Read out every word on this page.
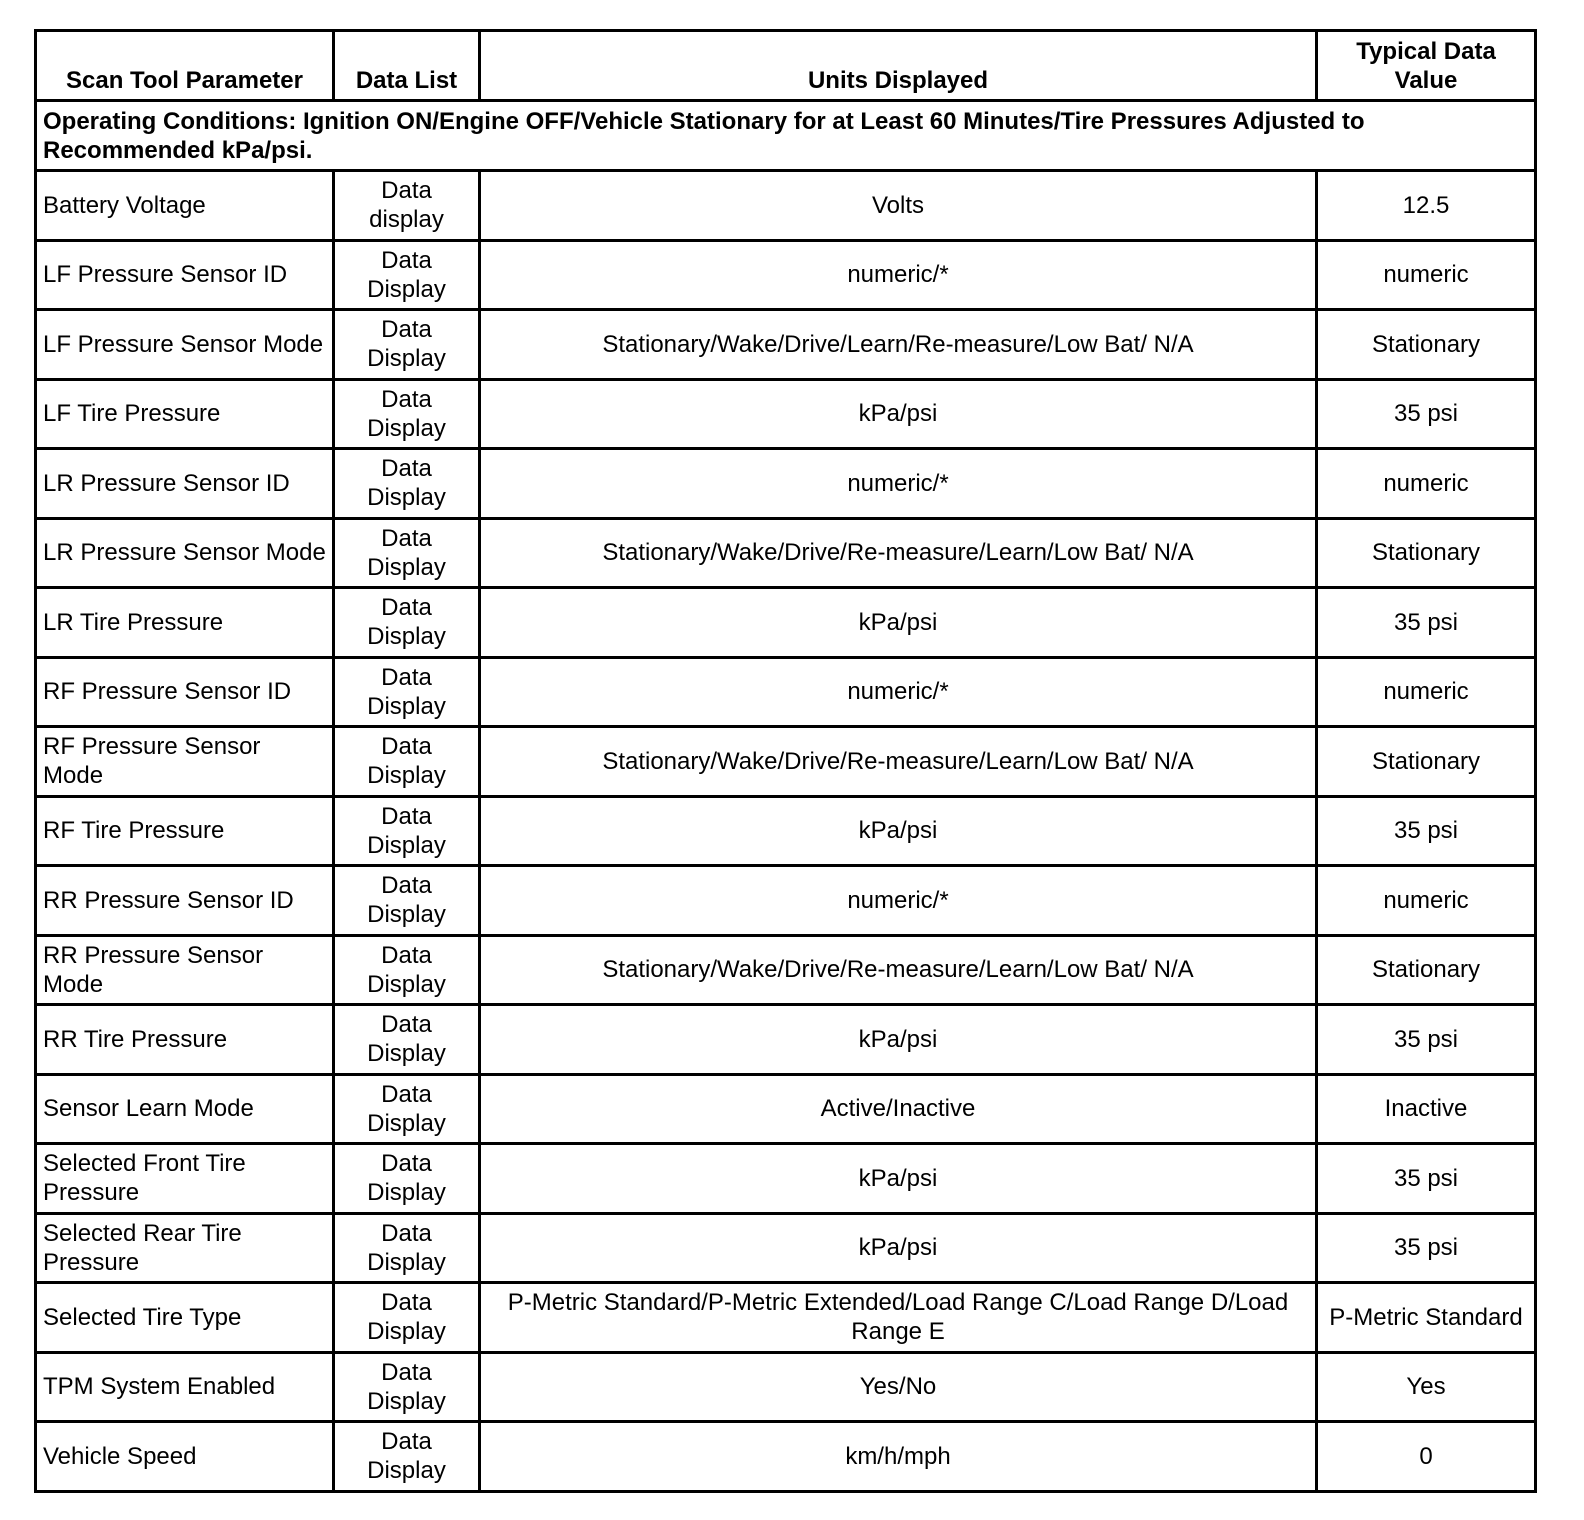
Scan Tool Parameter	Data List	Units Displayed	Typical Data Value
Operating Conditions: Ignition ON/Engine OFF/Vehicle Stationary for at Least 60 Minutes/Tire Pressures Adjusted to Recommended kPa/psi.			
Battery Voltage	Data display	Volts	12.5
LF Pressure Sensor ID	Data Display	numeric/*	numeric
LF Pressure Sensor Mode	Data Display	Stationary/Wake/Drive/Learn/Re-measure/Low Bat/ N/A	Stationary
LF Tire Pressure	Data Display	kPa/psi	35 psi
LR Pressure Sensor ID	Data Display	numeric/*	numeric
LR Pressure Sensor Mode	Data Display	Stationary/Wake/Drive/Re-measure/Learn/Low Bat/ N/A	Stationary
LR Tire Pressure	Data Display	kPa/psi	35 psi
RF Pressure Sensor ID	Data Display	numeric/*	numeric
RF Pressure Sensor Mode	Data Display	Stationary/Wake/Drive/Re-measure/Learn/Low Bat/ N/A	Stationary
RF Tire Pressure	Data Display	kPa/psi	35 psi
RR Pressure Sensor ID	Data Display	numeric/*	numeric
RR Pressure Sensor Mode	Data Display	Stationary/Wake/Drive/Re-measure/Learn/Low Bat/ N/A	Stationary
RR Tire Pressure	Data Display	kPa/psi	35 psi
Sensor Learn Mode	Data Display	Active/Inactive	Inactive
Selected Front Tire Pressure	Data Display	kPa/psi	35 psi
Selected Rear Tire Pressure	Data Display	kPa/psi	35 psi
Selected Tire Type	Data Display	P-Metric Standard/P-Metric Extended/Load Range C/Load Range D/Load Range E	P-Metric Standard
TPM System Enabled	Data Display	Yes/No	Yes
Vehicle Speed	Data Display	km/h/mph	0
